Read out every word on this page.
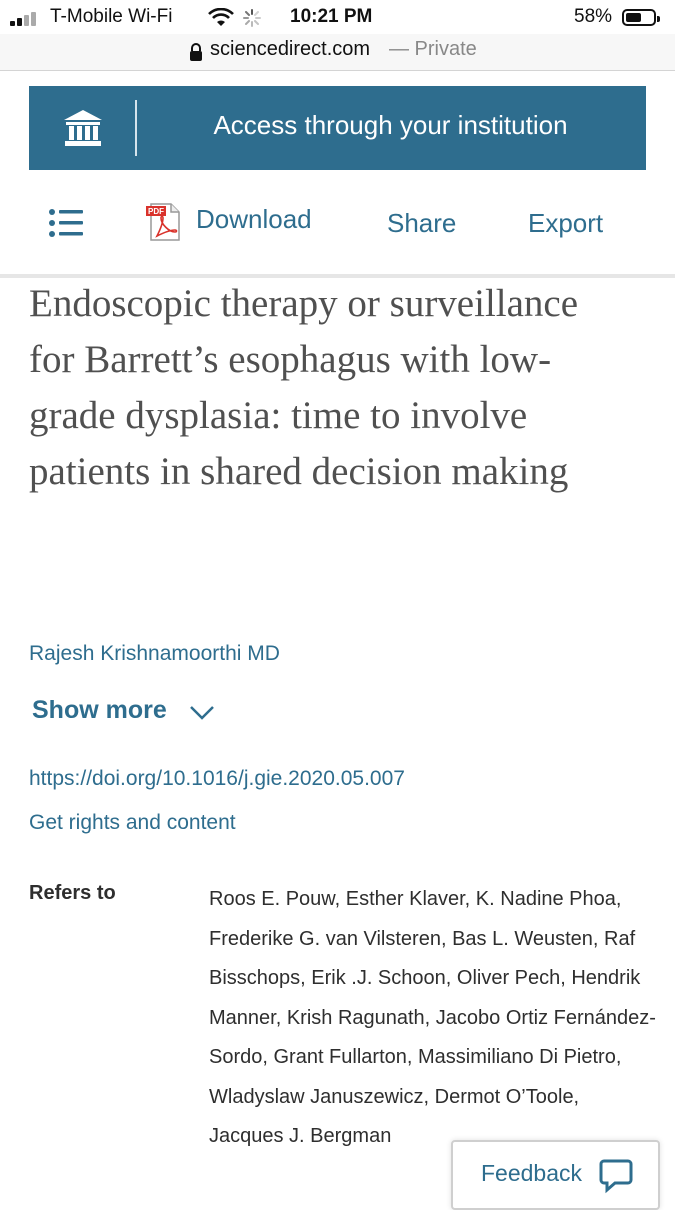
T-Mobile Wi-Fi	10:21 PM	58%
sciencedirect.com — Private
Access through your institution
PDF Download	Share	Export
Endoscopic therapy or surveillance for Barrett’s esophagus with low-grade dysplasia: time to involve patients in shared decision making
Rajesh Krishnamoorthi MD
Show more
https://doi.org/10.1016/j.gie.2020.05.007
Get rights and content
Refers to	Roos E. Pouw, Esther Klaver, K. Nadine Phoa, Frederike G. van Vilsteren, Bas L. Weusten, Raf Bisschops, Erik .J. Schoon, Oliver Pech, Hendrik Manner, Krish Ragunath, Jacobo Ortiz Fernández-Sordo, Grant Fullarton, Massimiliano Di Pietro, Wladyslaw Januszewicz, Dermot O’Toole, Jacques J. Bergman
Feedback
